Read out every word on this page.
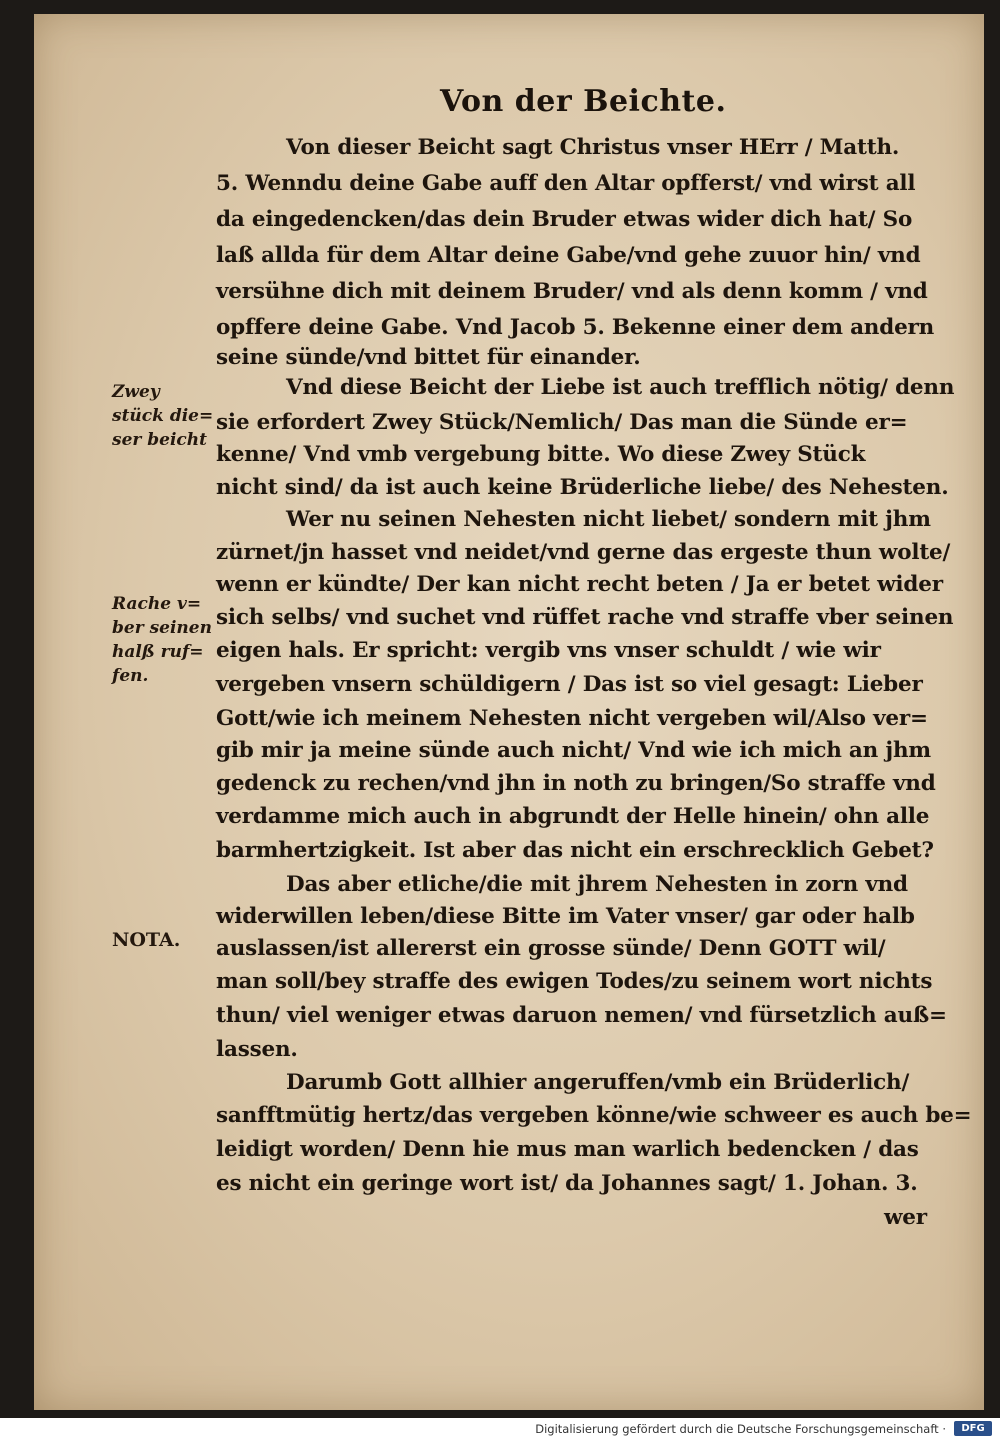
Von der Beichte.
Von dieser Beicht sagt Christus vnser HErr / Matth.
5. Wenndu deine Gabe auff den Altar opfferst/ vnd wirst all
da eingedencken/das dein Bruder etwas wider dich hat/ So
laß allda für dem Altar deine Gabe/vnd gehe zuuor hin/ vnd
versühne dich mit deinem Bruder/ vnd als denn komm / vnd
opffere deine Gabe. Vnd Jacob 5. Bekenne einer dem andern
seine sünde/vnd bittet für einander.
Vnd diese Beicht der Liebe ist auch trefflich nötig/ denn
sie erfordert Zwey Stück/Nemlich/ Das man die Sünde er=
kenne/ Vnd vmb vergebung bitte. Wo diese Zwey Stück
nicht sind/ da ist auch keine Brüderliche liebe/ des Nehesten.
Wer nu seinen Nehesten nicht liebet/ sondern mit jhm
zürnet/jn hasset vnd neidet/vnd gerne das ergeste thun wolte/
wenn er kündte/ Der kan nicht recht beten / Ja er betet wider
sich selbs/ vnd suchet vnd rüffet rache vnd straffe vber seinen
eigen hals. Er spricht: vergib vns vnser schuldt / wie wir
vergeben vnsern schüldigern / Das ist so viel gesagt: Lieber
Gott/wie ich meinem Nehesten nicht vergeben wil/Also ver=
gib mir ja meine sünde auch nicht/ Vnd wie ich mich an jhm
gedenck zu rechen/vnd jhn in noth zu bringen/So straffe vnd
verdamme mich auch in abgrundt der Helle hinein/ ohn alle
barmhertzigkeit. Ist aber das nicht ein erschrecklich Gebet?
Das aber etliche/die mit jhrem Nehesten in zorn vnd
widerwillen leben/diese Bitte im Vater vnser/ gar oder halb
auslassen/ist allererst ein grosse sünde/ Denn GOTT wil/
man soll/bey straffe des ewigen Todes/zu seinem wort nichts
thun/ viel weniger etwas daruon nemen/ vnd fürsetzlich auß=
lassen.
Darumb Gott allhier angeruffen/vmb ein Brüderlich/
sanfftmütig hertz/das vergeben könne/wie schweer es auch be=
leidigt worden/ Denn hie mus man warlich bedencken / das
es nicht ein geringe wort ist/ da Johannes sagt/ 1. Johan. 3.
wer
Zwey
stück die=
ser beicht
Rache v=
ber seinen
halß ruf=
fen.
NOTA.
Digitalisierung gefördert durch die Deutsche Forschungsgemeinschaft ·	DFG
